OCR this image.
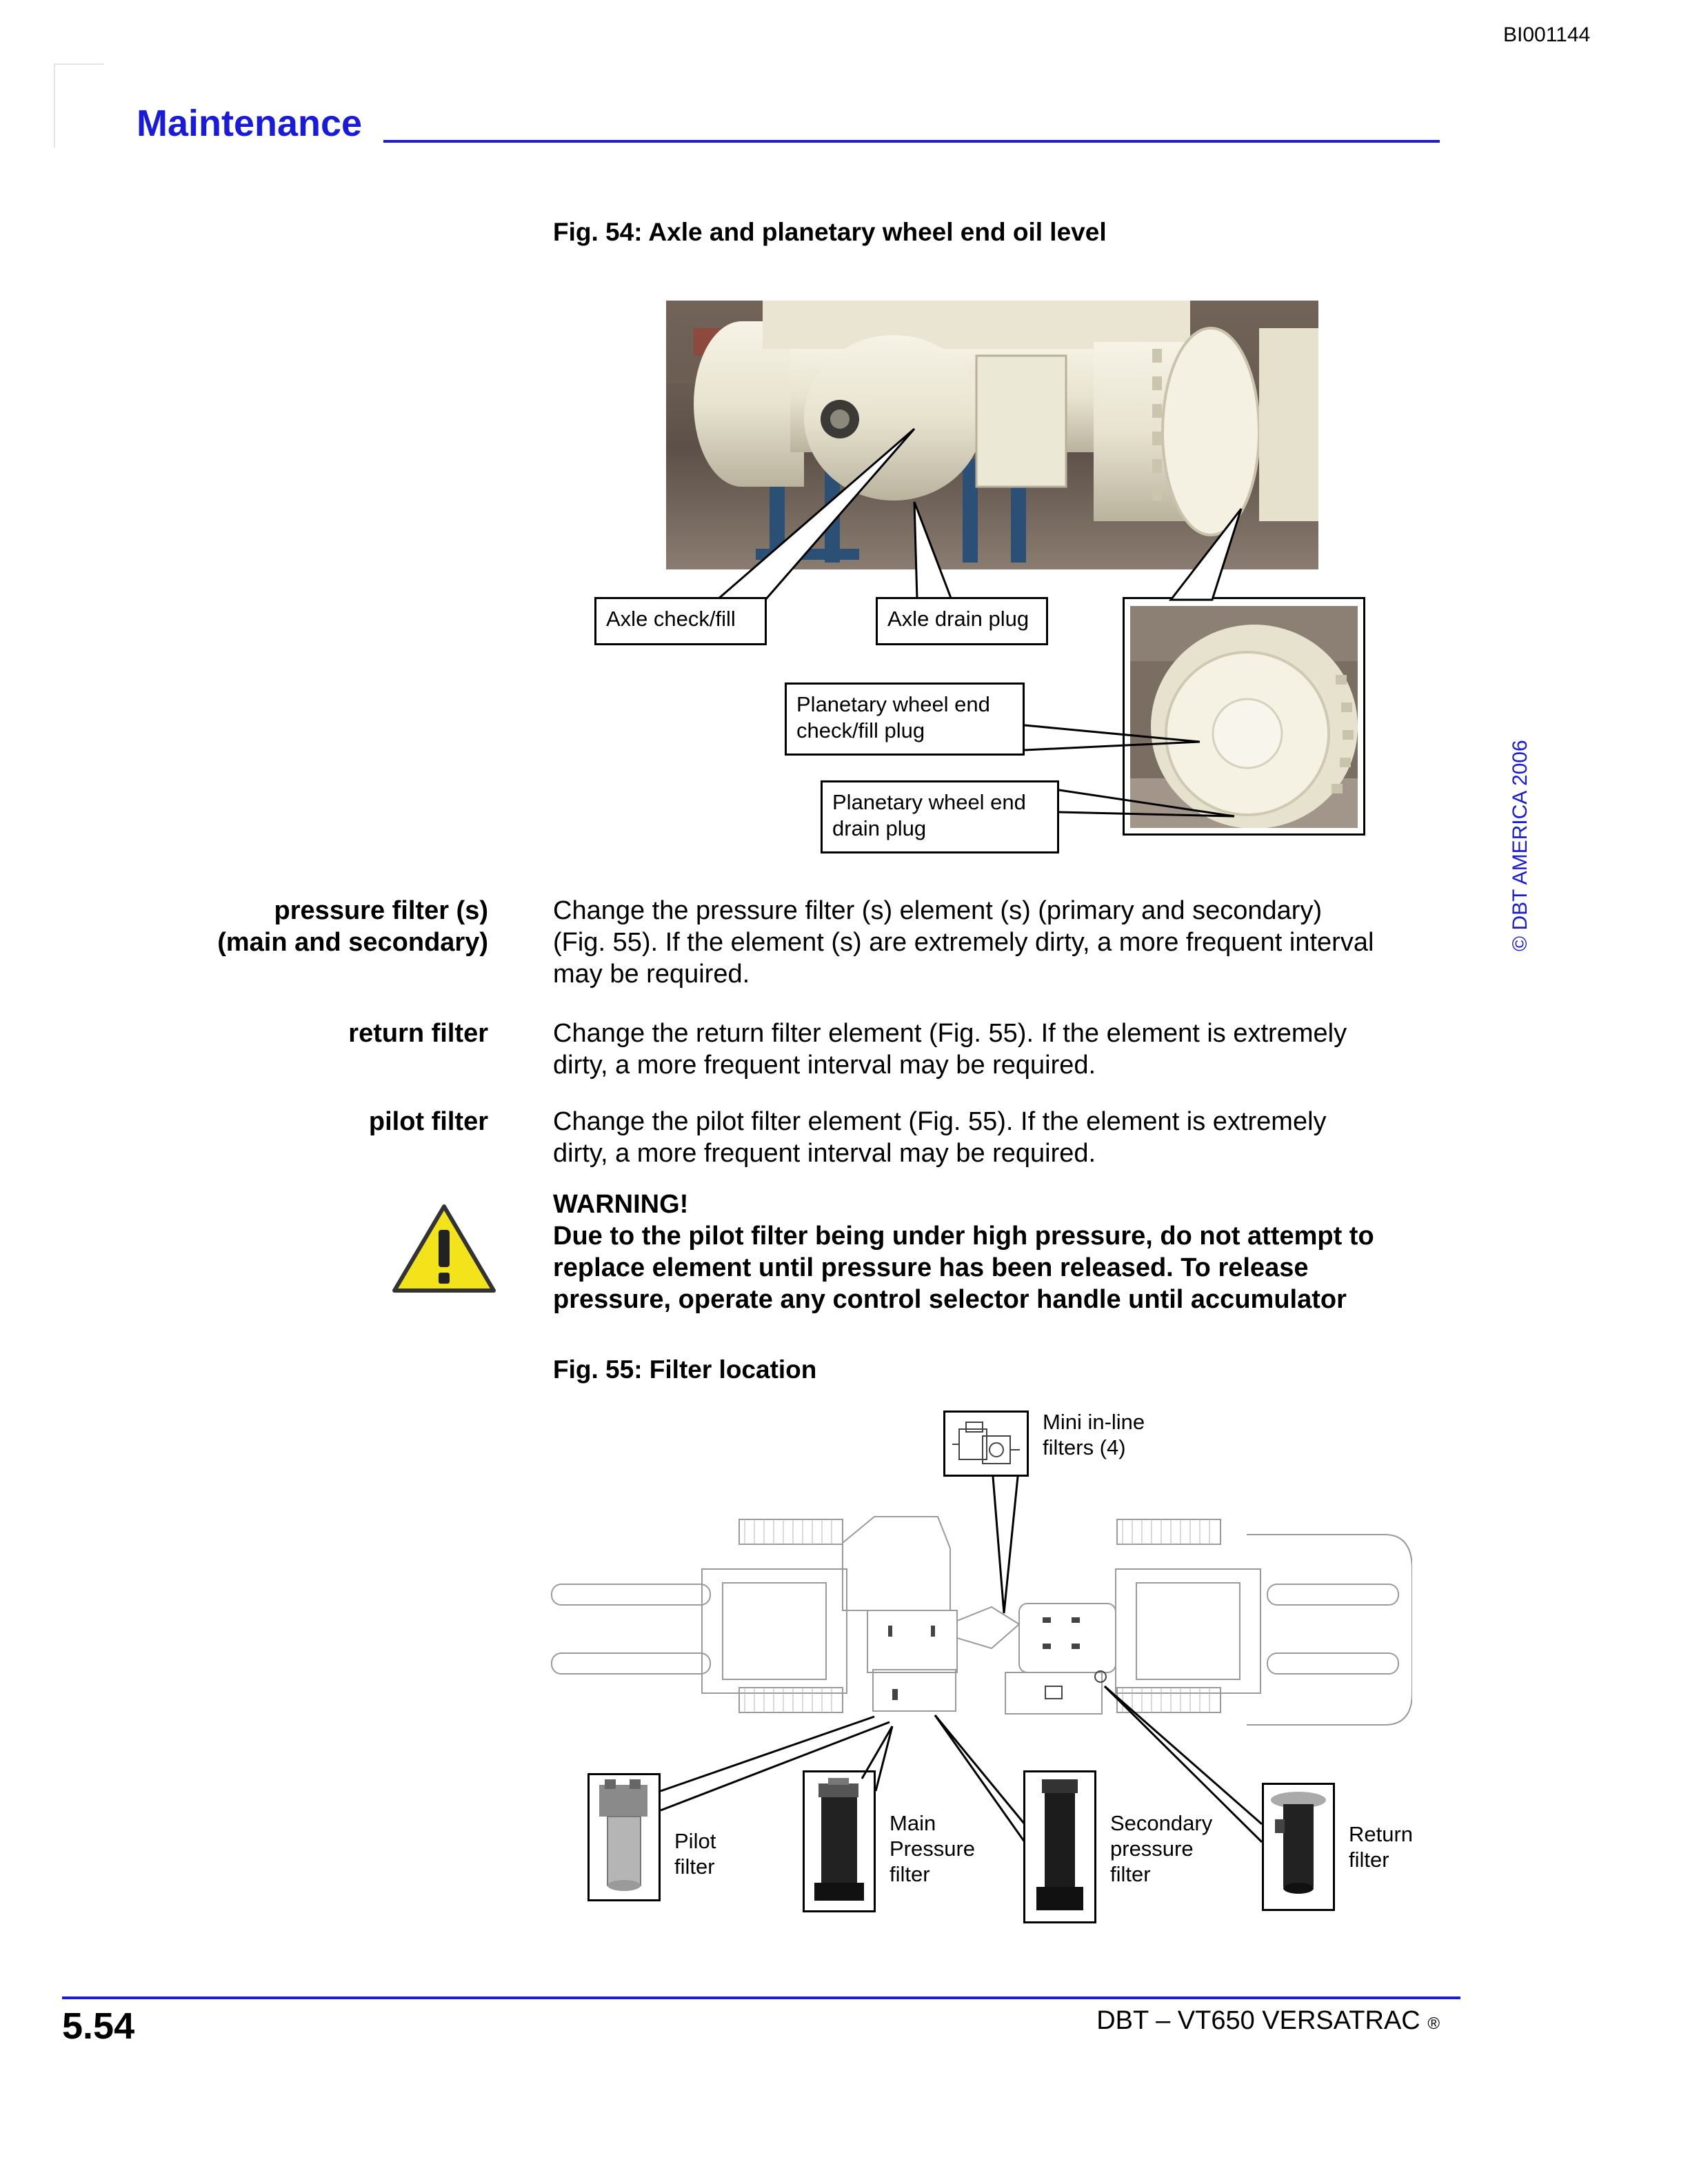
BI001144
Maintenance
Fig. 54: Axle and planetary wheel end oil level
Axle check/fill	Axle drain plug
Planetary wheel end
check/fill plug
Planetary wheel end
drain plug
pressure filter (s)
(main and secondary)
Change the pressure filter (s) element (s) (primary and secondary)
(Fig. 55). If the element (s) are extremely dirty, a more frequent interval
may be required.
return filter Change the return filter element (Fig. 55). If the element is extremely
dirty, a more frequent interval may be required.
pilot filter Change the pilot filter element (Fig. 55). If the element is extremely
dirty, a more frequent interval may be required.
WARNING!
Due to the pilot filter being under high pressure, do not attempt to
replace element until pressure has been released. To release
pressure, operate any control selector handle until accumulator
Fig. 55: Filter location
Mini in-line
filters (4)
Pilot
filter
Main
Pressure
filter
Secondary
pressure
filter
Return
filter
© DBT AMERICA 2006
5.54	DBT – VT650 VERSATRAC ®
